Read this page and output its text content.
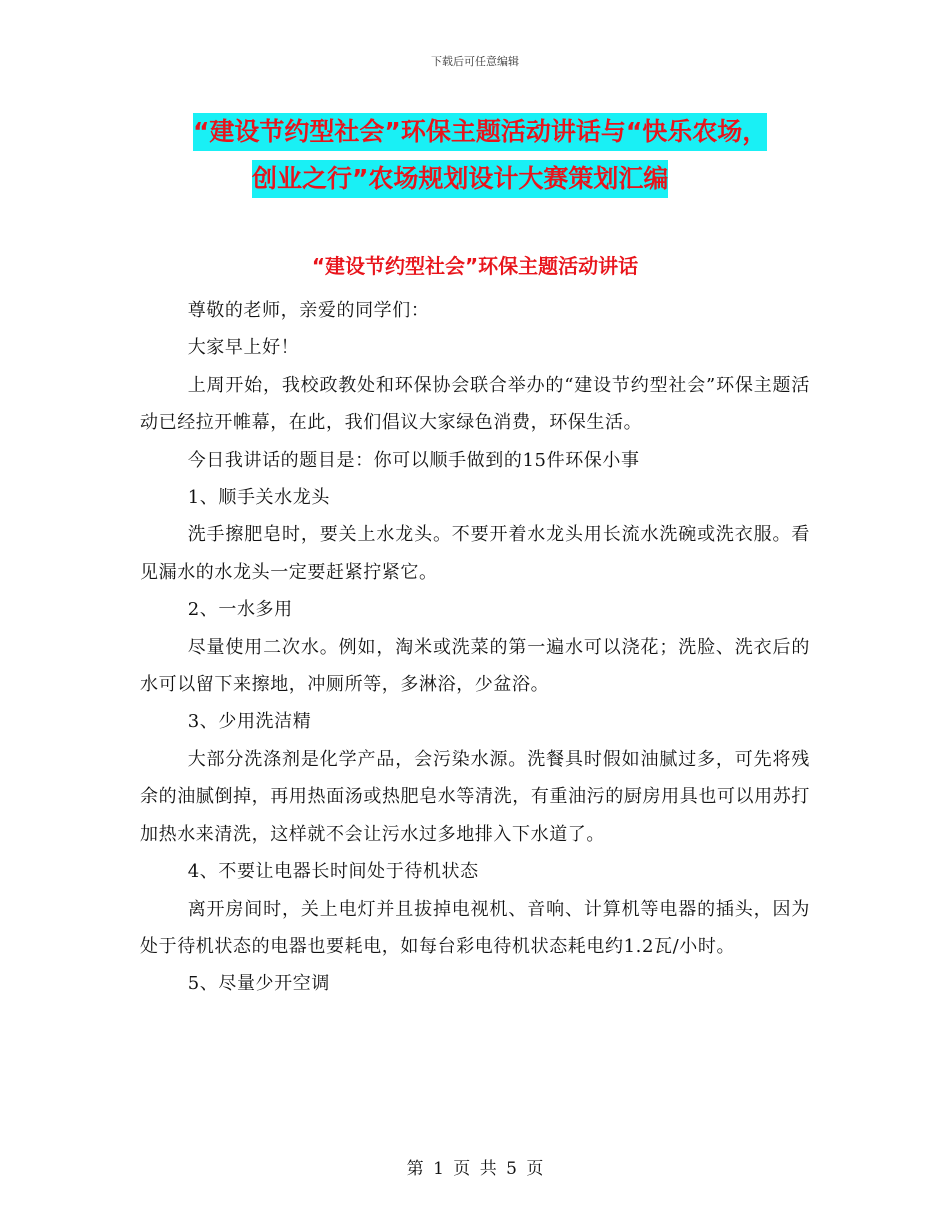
下载后可任意编辑
“建设节约型社会”环保主题活动讲话与“快乐农场，
创业之行”农场规划设计大赛策划汇编
“建设节约型社会”环保主题活动讲话

尊敬的老师，亲爱的同学们：

大家早上好！

上周开始，我校政教处和环保协会联合举办的“建设节约型社会”环保主题活动已经拉开帷幕，在此，我们倡议大家绿色消费，环保生活。

今日我讲话的题目是：你可以顺手做到的15件环保小事

1、顺手关水龙头

洗手擦肥皂时，要关上水龙头。不要开着水龙头用长流水洗碗或洗衣服。看见漏水的水龙头一定要赶紧拧紧它。

2、一水多用

尽量使用二次水。例如，淘米或洗菜的第一遍水可以浇花；洗脸、洗衣后的水可以留下来擦地，冲厕所等，多淋浴，少盆浴。

3、少用洗洁精

大部分洗涤剂是化学产品，会污染水源。洗餐具时假如油腻过多，可先将残余的油腻倒掉，再用热面汤或热肥皂水等清洗，有重油污的厨房用具也可以用苏打加热水来清洗，这样就不会让污水过多地排入下水道了。

4、不要让电器长时间处于待机状态

离开房间时，关上电灯并且拔掉电视机、音响、计算机等电器的插头，因为处于待机状态的电器也要耗电，如每台彩电待机状态耗电约1.2瓦/小时。

5、尽量少开空调

第 1 页 共 5 页
